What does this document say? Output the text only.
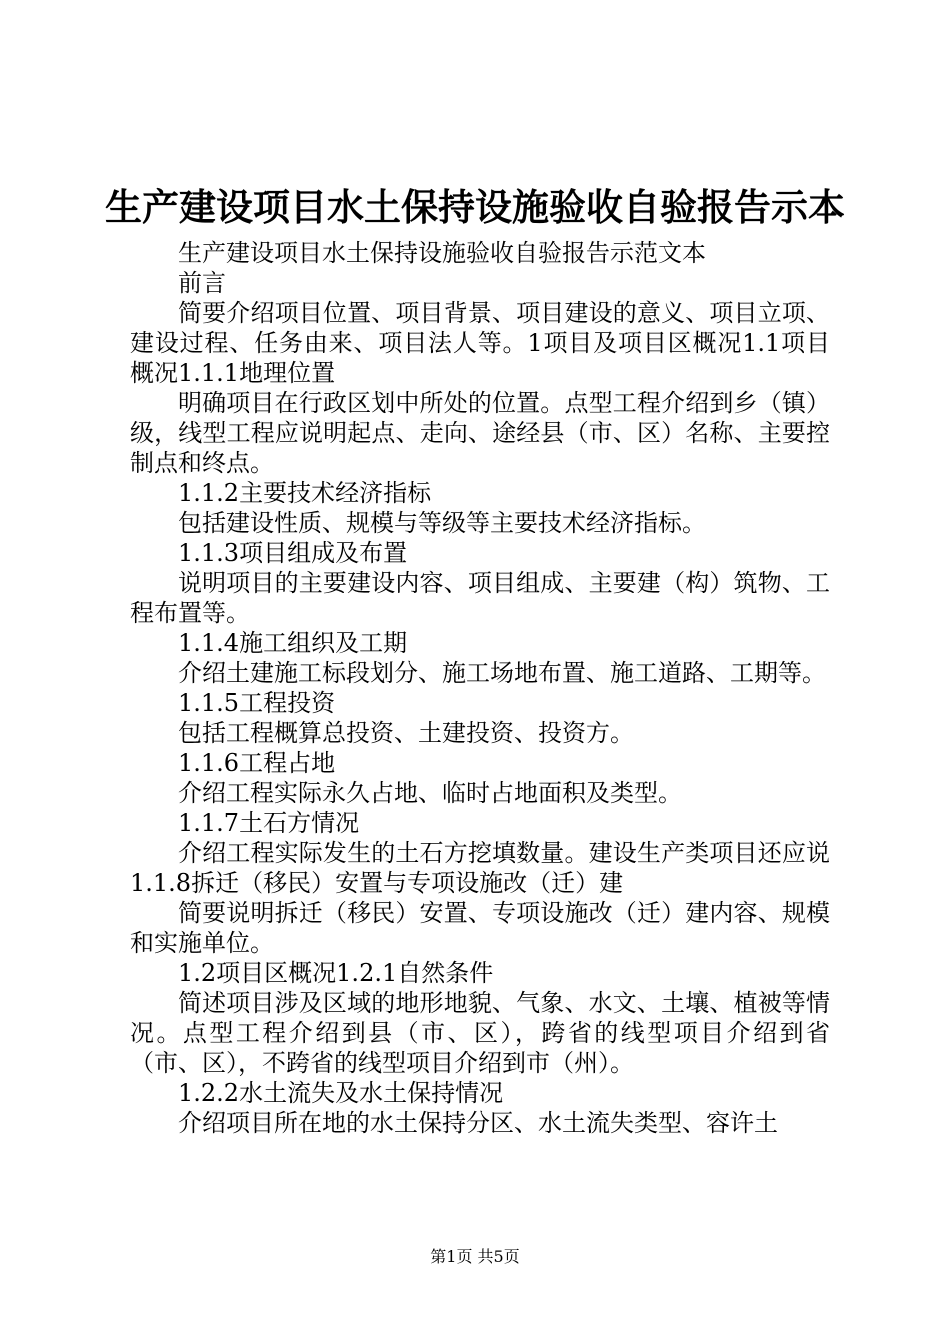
生产建设项目水土保持设施验收自验报告示本

生产建设项目水土保持设施验收自验报告示范文本

前言

简要介绍项目位置、项目背景、项目建设的意义、项目立项、建设过程、任务由来、项目法人等。1项目及项目区概况1.1项目概况1.1.1地理位置

明确项目在行政区划中所处的位置。点型工程介绍到乡（镇）级，线型工程应说明起点、走向、途经县（市、区）名称、主要控制点和终点。

1.1.2主要技术经济指标

包括建设性质、规模与等级等主要技术经济指标。

1.1.3项目组成及布置

说明项目的主要建设内容、项目组成、主要建（构）筑物、工程布置等。

1.1.4施工组织及工期

介绍土建施工标段划分、施工场地布置、施工道路、工期等。

1.1.5工程投资

包括工程概算总投资、土建投资、投资方。

1.1.6工程占地

介绍工程实际永久占地、临时占地面积及类型。

1.1.7土石方情况

介绍工程实际发生的土石方挖填数量。建设生产类项目还应说1.1.8拆迁（移民）安置与专项设施改（迁）建

简要说明拆迁（移民）安置、专项设施改（迁）建内容、规模和实施单位。

1.2项目区概况1.2.1自然条件

简述项目涉及区域的地形地貌、气象、水文、土壤、植被等情况。点型工程介绍到县（市、区），跨省的线型项目介绍到省（市、区），不跨省的线型项目介绍到市（州）。

1.2.2水土流失及水土保持情况

介绍项目所在地的水土保持分区、水土流失类型、容许土

第1页 共5页
